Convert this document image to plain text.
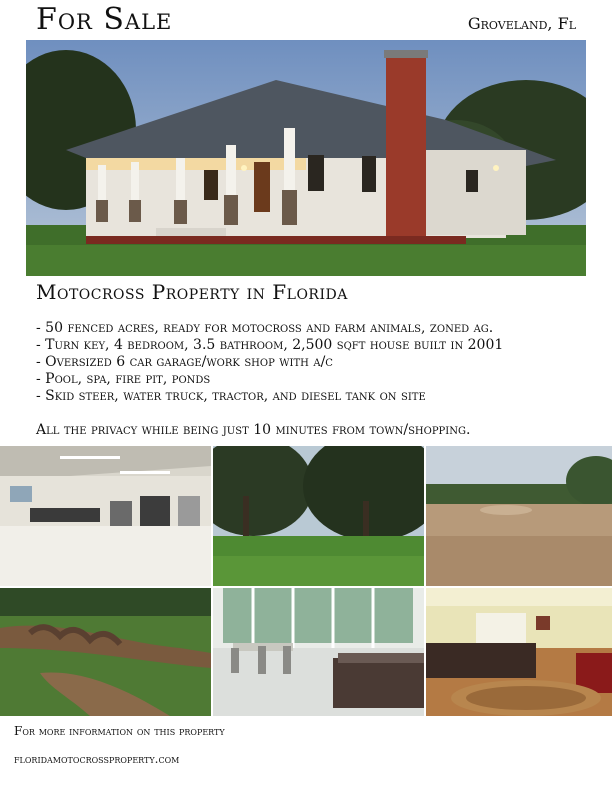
For Sale	Groveland, Fl
Motocross Property in Florida
- 50 fenced acres, ready for motocross and farm animals, zoned ag.
- Turn key, 4 bedroom, 3.5 bathroom, 2,500 sqft house built in 2001
- Oversized 6 car garage/work shop with a/c
- Pool, spa, fire pit, ponds
- Skid steer, water truck, tractor, and diesel tank on site
All the privacy while being just 10 minutes from town/shopping.
For more information on this property
floridamotocrossproperty.com
